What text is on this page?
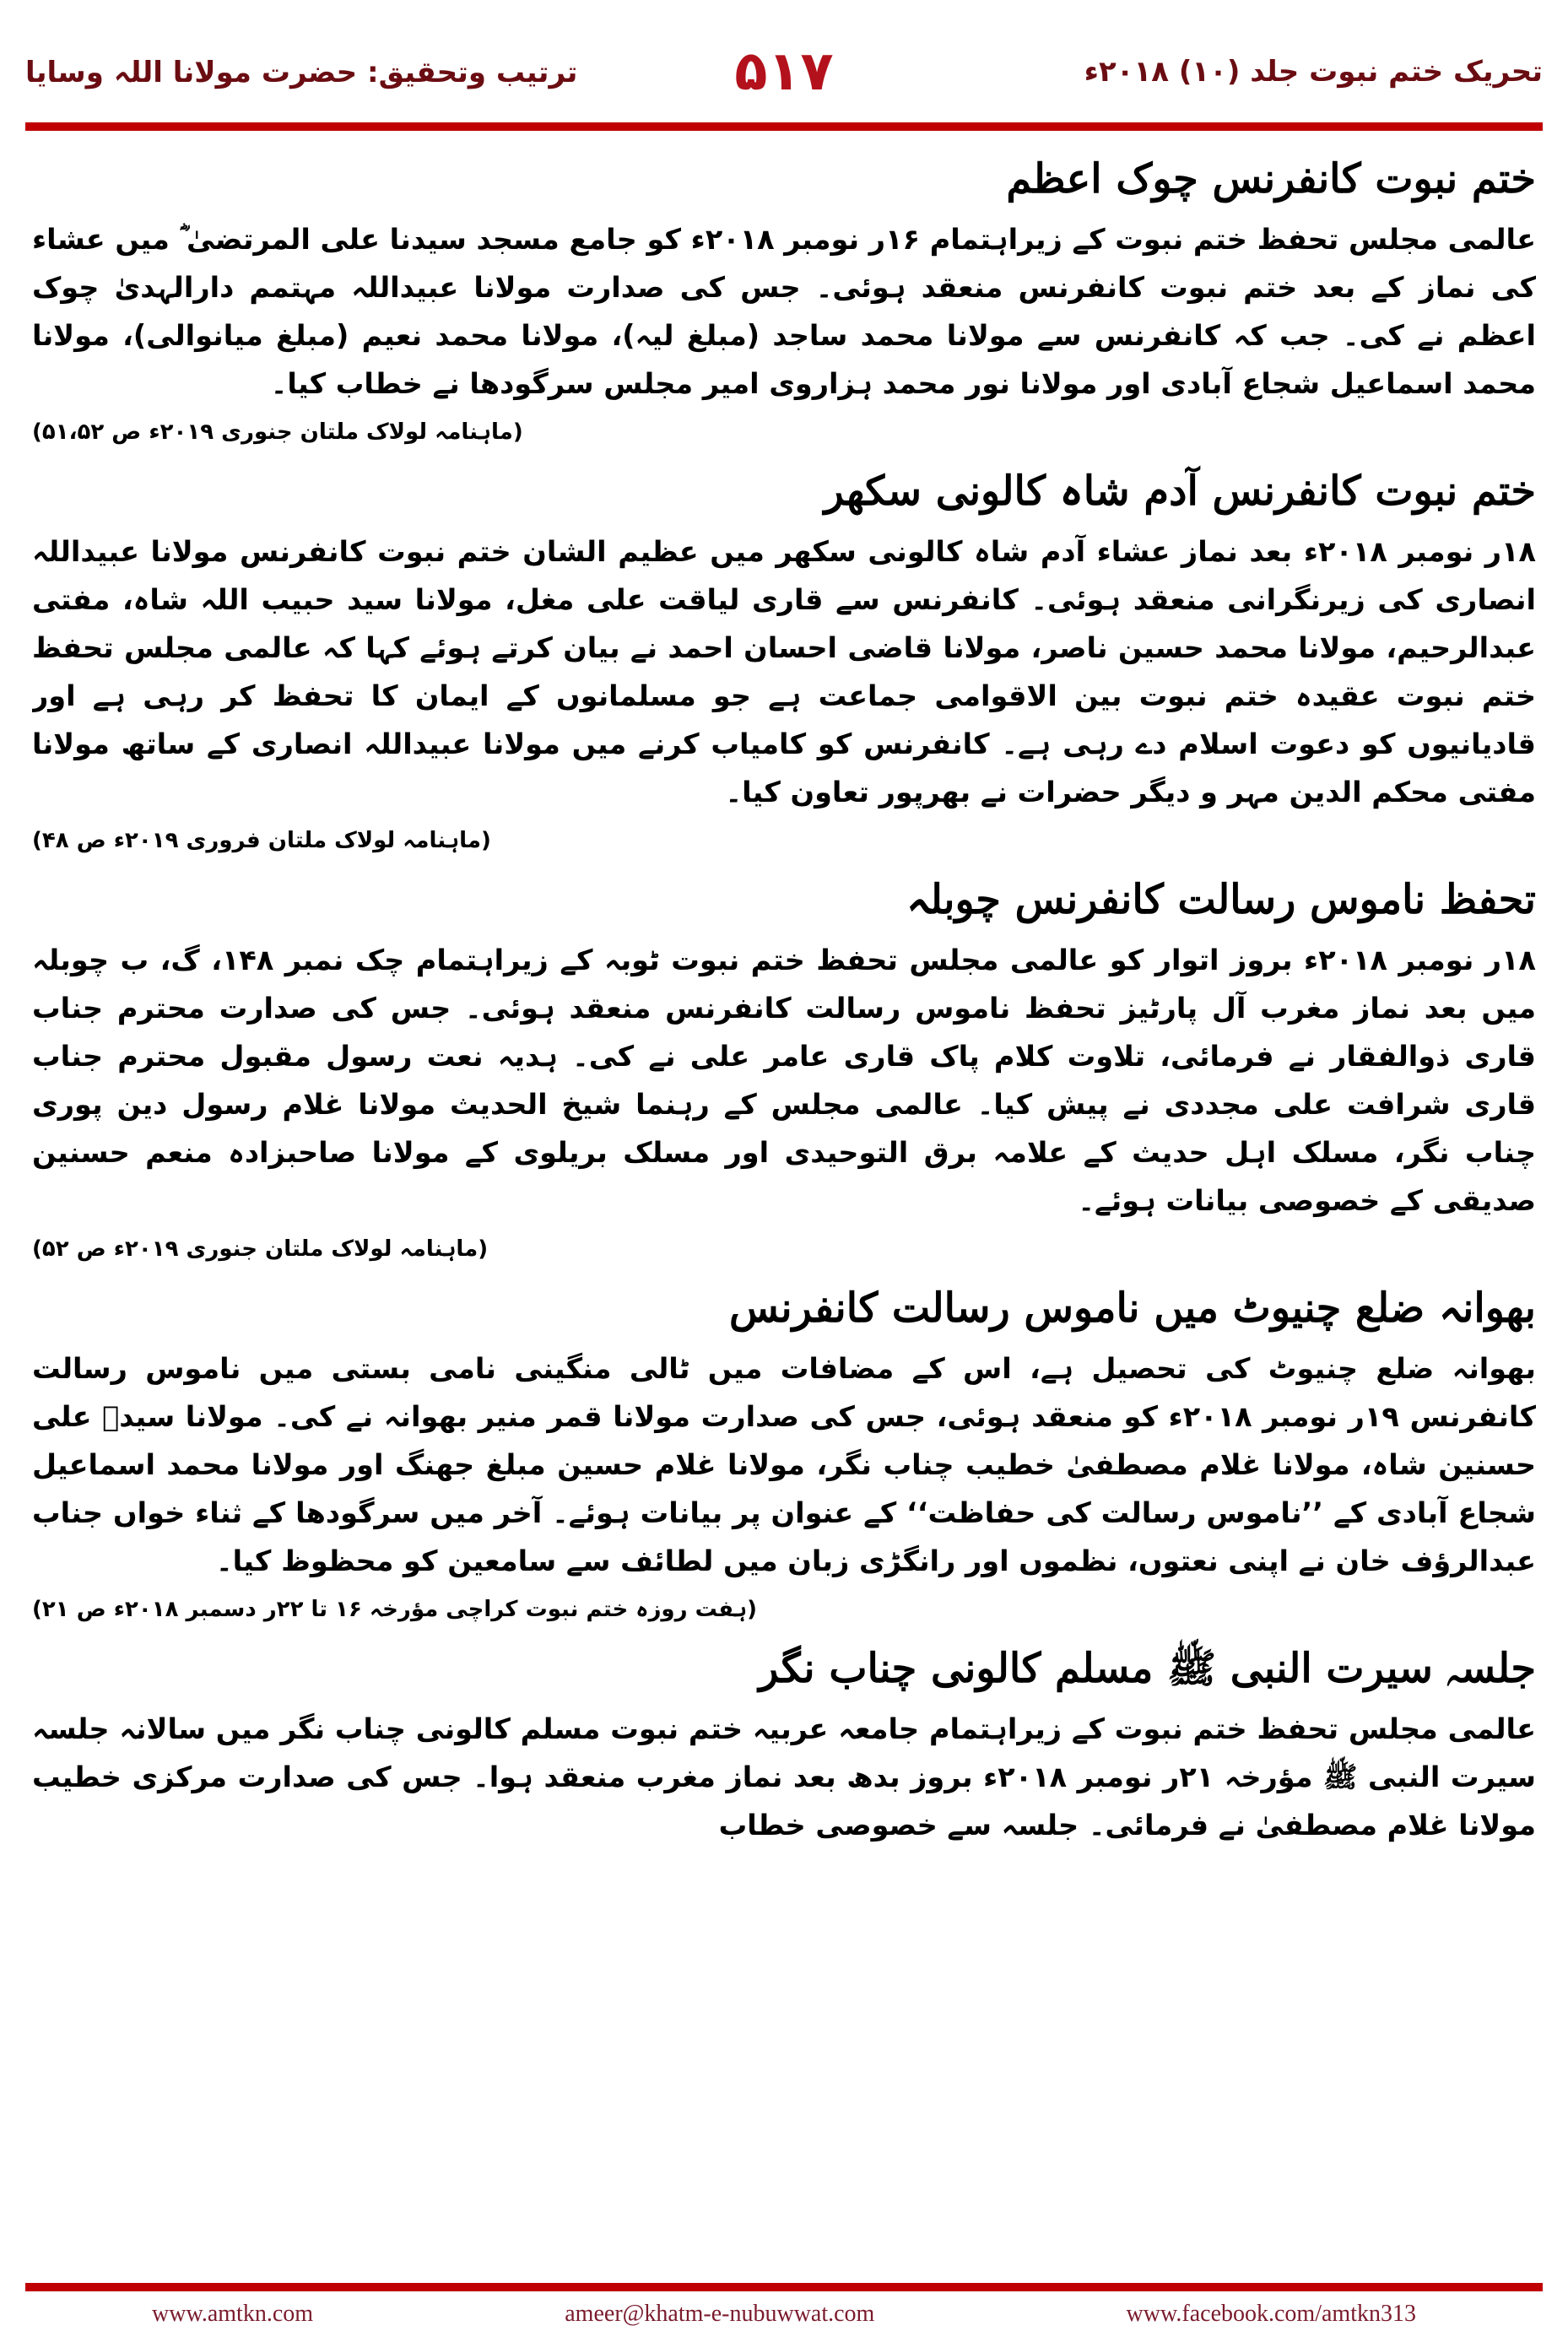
ترتیب وتحقیق: حضرت مولانا اللہ وسایا	۵۱۷	تحریک ختم نبوت جلد (۱۰) ۲۰۱۸ء
ختم نبوت کانفرنس چوک اعظم

عالمی مجلس تحفظ ختم نبوت کے زیراہتمام ۱۶ر نومبر ۲۰۱۸ء کو جامع مسجد سیدنا علی المرتضیٰ ؓ میں عشاء کی نماز کے بعد ختم نبوت کانفرنس منعقد ہوئی۔ جس کی صدارت مولانا عبیداللہ مہتمم دارالہدیٰ چوک اعظم نے کی۔ جب کہ کانفرنس سے مولانا محمد ساجد (مبلغ لیہ)، مولانا محمد نعیم (مبلغ میانوالی)، مولانا محمد اسماعیل شجاع آبادی اور مولانا نور محمد ہزاروی امیر مجلس سرگودھا نے خطاب کیا۔

(ماہنامہ لولاک ملتان جنوری ۲۰۱۹ء ص ۵۱،۵۲)
ختم نبوت کانفرنس آدم شاہ کالونی سکھر

۱۸ر نومبر ۲۰۱۸ء بعد نماز عشاء آدم شاہ کالونی سکھر میں عظیم الشان ختم نبوت کانفرنس مولانا عبیداللہ انصاری کی زیرنگرانی منعقد ہوئی۔ کانفرنس سے قاری لیاقت علی مغل، مولانا سید حبیب اللہ شاہ، مفتی عبدالرحیم، مولانا محمد حسین ناصر، مولانا قاضی احسان احمد نے بیان کرتے ہوئے کہا کہ عالمی مجلس تحفظ ختم نبوت عقیدہ ختم نبوت بین الاقوامی جماعت ہے جو مسلمانوں کے ایمان کا تحفظ کر رہی ہے اور قادیانیوں کو دعوت اسلام دے رہی ہے۔ کانفرنس کو کامیاب کرنے میں مولانا عبیداللہ انصاری کے ساتھ مولانا مفتی محکم الدین مہر و دیگر حضرات نے بھرپور تعاون کیا۔

(ماہنامہ لولاک ملتان فروری ۲۰۱۹ء ص ۴۸)
تحفظ ناموس رسالت کانفرنس چوبلہ

۱۸ر نومبر ۲۰۱۸ء بروز اتوار کو عالمی مجلس تحفظ ختم نبوت ٹوبہ کے زیراہتمام چک نمبر ۱۴۸، گ، ب چوبلہ میں بعد نماز مغرب آل پارٹیز تحفظ ناموس رسالت کانفرنس منعقد ہوئی۔ جس کی صدارت محترم جناب قاری ذوالفقار نے فرمائی، تلاوت کلام پاک قاری عامر علی نے کی۔ ہدیہ نعت رسول مقبول محترم جناب قاری شرافت علی مجددی نے پیش کیا۔ عالمی مجلس کے رہنما شیخ الحدیث مولانا غلام رسول دین پوری چناب نگر، مسلک اہل حدیث کے علامہ برق التوحیدی اور مسلک بریلوی کے مولانا صاحبزادہ منعم حسنین صدیقی کے خصوصی بیانات ہوئے۔

(ماہنامہ لولاک ملتان جنوری ۲۰۱۹ء ص ۵۲)
بھوانہ ضلع چنیوٹ میں ناموس رسالت کانفرنس

بھوانہ ضلع چنیوٹ کی تحصیل ہے، اس کے مضافات میں ٹالی منگینی نامی بستی میں ناموس رسالت کانفرنس ۱۹ر نومبر ۲۰۱۸ء کو منعقد ہوئی، جس کی صدارت مولانا قمر منیر بھوانہ نے کی۔ مولانا سیدؔ علی حسنین شاہ، مولانا غلام مصطفیٰ خطیب چناب نگر، مولانا غلام حسین مبلغ جھنگ اور مولانا محمد اسماعیل شجاع آبادی کے ’’ناموس رسالت کی حفاظت‘‘ کے عنوان پر بیانات ہوئے۔ آخر میں سرگودھا کے ثناء خواں جناب عبدالرؤف خان نے اپنی نعتوں، نظموں اور رانگڑی زبان میں لطائف سے سامعین کو محظوظ کیا۔

(ہفت روزہ ختم نبوت کراچی مؤرخہ ۱۶ تا ۲۲ر دسمبر ۲۰۱۸ء ص ۲۱)
جلسہ سیرت النبی ﷺ مسلم کالونی چناب نگر

عالمی مجلس تحفظ ختم نبوت کے زیراہتمام جامعہ عربیہ ختم نبوت مسلم کالونی چناب نگر میں سالانہ جلسہ سیرت النبی ﷺ مؤرخہ ۲۱ر نومبر ۲۰۱۸ء بروز بدھ بعد نماز مغرب منعقد ہوا۔ جس کی صدارت مرکزی خطیب مولانا غلام مصطفیٰ نے فرمائی۔ جلسہ سے خصوصی خطاب

www.amtkn.com	ameer@khatm-e-nubuwwat.com	www.facebook.com/amtkn313
